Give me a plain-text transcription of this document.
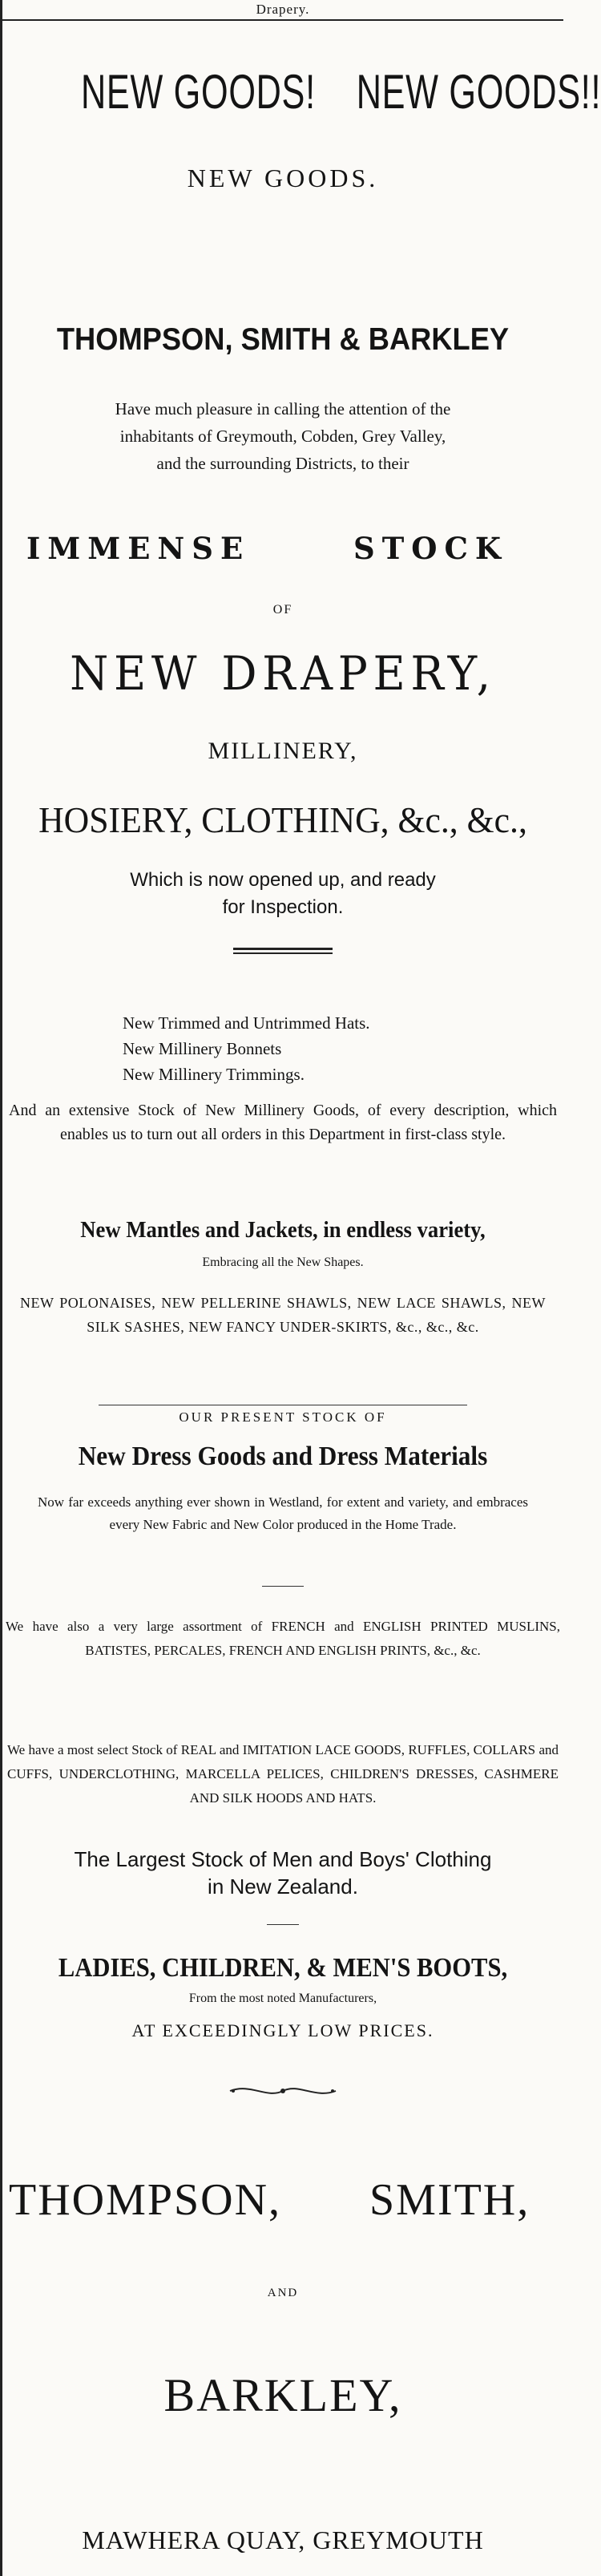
Drapery.
NEW GOODS! NEW GOODS!!
NEW GOODS.
THOMPSON, SMITH & BARKLEY
Have much pleasure in calling the attention of the
inhabitants of Greymouth, Cobden, Grey Valley,
and the surrounding Districts, to their
IMMENSE	STOCK
OF
NEW DRAPERY,
MILLINERY,
HOSIERY, CLOTHING, &c., &c.,
Which is now opened up, and ready
for Inspection.
New Trimmed and Untrimmed Hats.
New Millinery Bonnets
New Millinery Trimmings.
And an extensive Stock of New Millinery Goods, of every description, which enables us to turn out all orders in this Department in first-class style.
New Mantles and Jackets, in endless variety,
Embracing all the New Shapes.
NEW POLONAISES, NEW PELLERINE SHAWLS, NEW LACE SHAWLS, NEW SILK SASHES, NEW FANCY UNDER-SKIRTS, &c., &c., &c.
OUR PRESENT STOCK OF
New Dress Goods and Dress Materials
Now far exceeds anything ever shown in Westland, for extent and variety, and embraces every New Fabric and New Color produced in the Home Trade.
We have also a very large assortment of FRENCH and ENGLISH PRINTED MUSLINS, BATISTES, PERCALES, FRENCH AND ENGLISH PRINTS, &c., &c.
We have a most select Stock of REAL and IMITATION LACE GOODS, RUFFLES, COLLARS and CUFFS, UNDERCLOTHING, MARCELLA PELICES, CHILDREN'S DRESSES, CASHMERE AND SILK HOODS AND HATS.
The Largest Stock of Men and Boys' Clothing
in New Zealand.
LADIES, CHILDREN, & MEN'S BOOTS,
From the most noted Manufacturers,
AT EXCEEDINGLY LOW PRICES.
THOMPSON, SMITH,
AND
BARKLEY,
MAWHERA QUAY, GREYMOUTH
